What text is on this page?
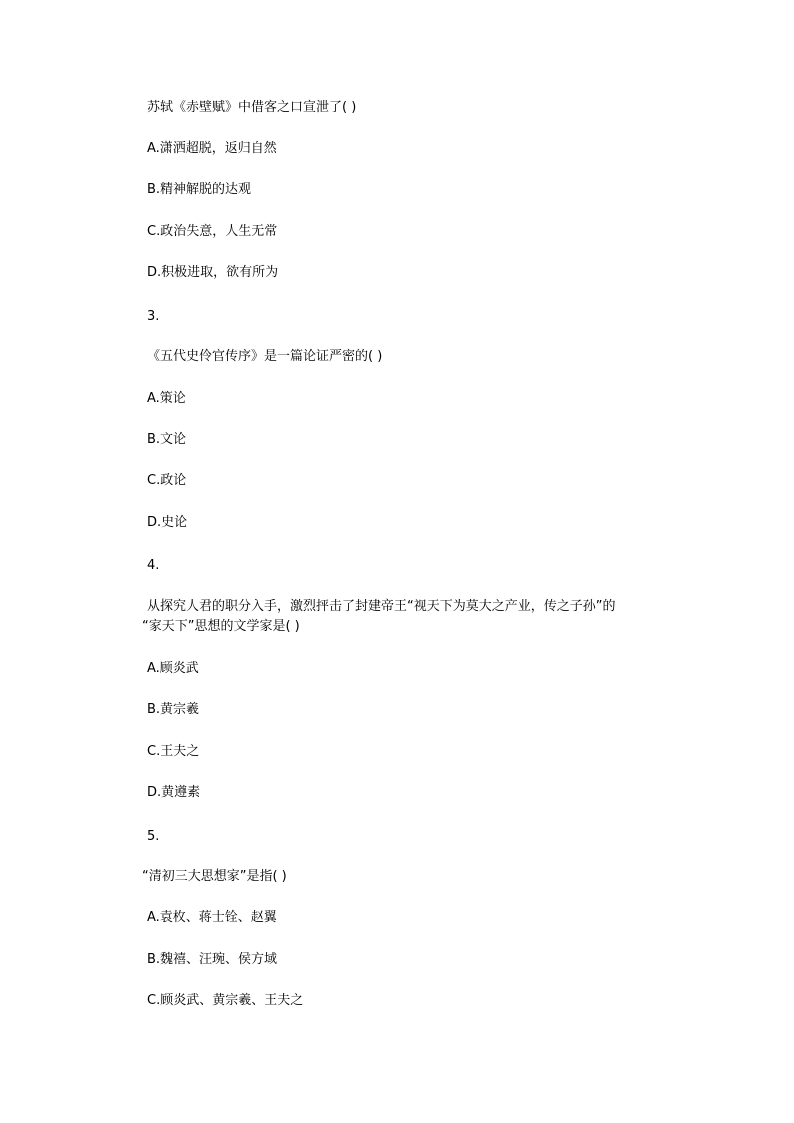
苏轼《赤壁赋》中借客之口宣泄了( )
A.潇洒超脱，返归自然
B.精神解脱的达观
C.政治失意，人生无常
D.积极进取，欲有所为
3.
《五代史伶官传序》是一篇论证严密的( )
A.策论
B.文论
C.政论
D.史论
4.
从探究人君的职分入手，激烈抨击了封建帝王“视天下为莫大之产业，传之子孙”的
“家天下”思想的文学家是( )
A.顾炎武
B.黄宗羲
C.王夫之
D.黄遵素
5.
“清初三大思想家”是指( )
A.袁枚、蒋士铨、赵翼
B.魏禧、汪琬、侯方域
C.顾炎武、黄宗羲、王夫之
